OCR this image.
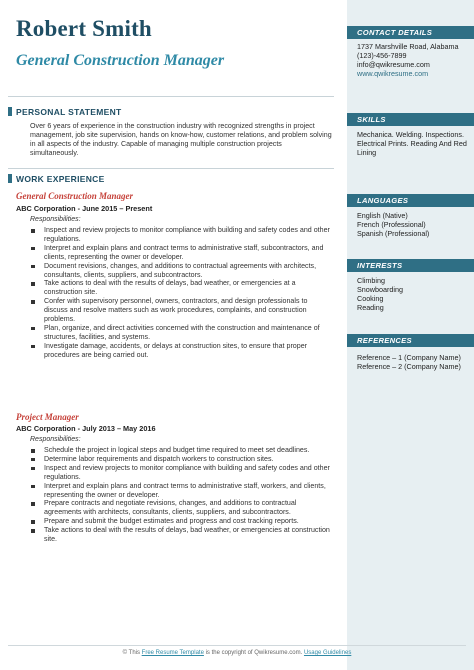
Robert Smith
General Construction Manager
PERSONAL STATEMENT
Over 6 years of experience in the construction industry with recognized strengths in project management, job site supervision, hands on know-how, customer relations, and problem solving in all aspects of the industry. Capable of managing multiple construction projects simultaneously.
WORK EXPERIENCE
General Construction Manager
ABC Corporation - June 2015 – Present
Responsibilities:
Inspect and review projects to monitor compliance with building and safety codes and other regulations.
Interpret and explain plans and contract terms to administrative staff, subcontractors, and clients, representing the owner or developer.
Document revisions, changes, and additions to contractual agreements with architects, consultants, clients, suppliers, and subcontractors.
Take actions to deal with the results of delays, bad weather, or emergencies at a construction site.
Confer with supervisory personnel, owners, contractors, and design professionals to discuss and resolve matters such as work procedures, complaints, and construction problems.
Plan, organize, and direct activities concerned with the construction and maintenance of structures, facilities, and systems.
Investigate damage, accidents, or delays at construction sites, to ensure that proper procedures are being carried out.
Project Manager
ABC Corporation - July 2013 – May 2016
Responsibilities:
Schedule the project in logical steps and budget time required to meet set deadlines.
Determine labor requirements and dispatch workers to construction sites.
Inspect and review projects to monitor compliance with building and safety codes and other regulations.
Interpret and explain plans and contract terms to administrative staff, workers, and clients, representing the owner or developer.
Prepare contracts and negotiate revisions, changes, and additions to contractual agreements with architects, consultants, clients, suppliers, and subcontractors.
Prepare and submit the budget estimates and progress and cost tracking reports.
Take actions to deal with the results of delays, bad weather, or emergencies at construction site.
CONTACT DETAILS
1737 Marshville Road, Alabama
(123)-456-7899
info@qwikresume.com
www.qwikresume.com
SKILLS
Mechanica. Welding. Inspections. Electrical Prints. Reading And Red Lining
LANGUAGES
English (Native)
French (Professional)
Spanish (Professional)
INTERESTS
Climbing
Snowboarding
Cooking
Reading
REFERENCES
Reference – 1 (Company Name)
Reference – 2 (Company Name)
© This Free Resume Template is the copyright of Qwikresume.com. Usage Guidelines
